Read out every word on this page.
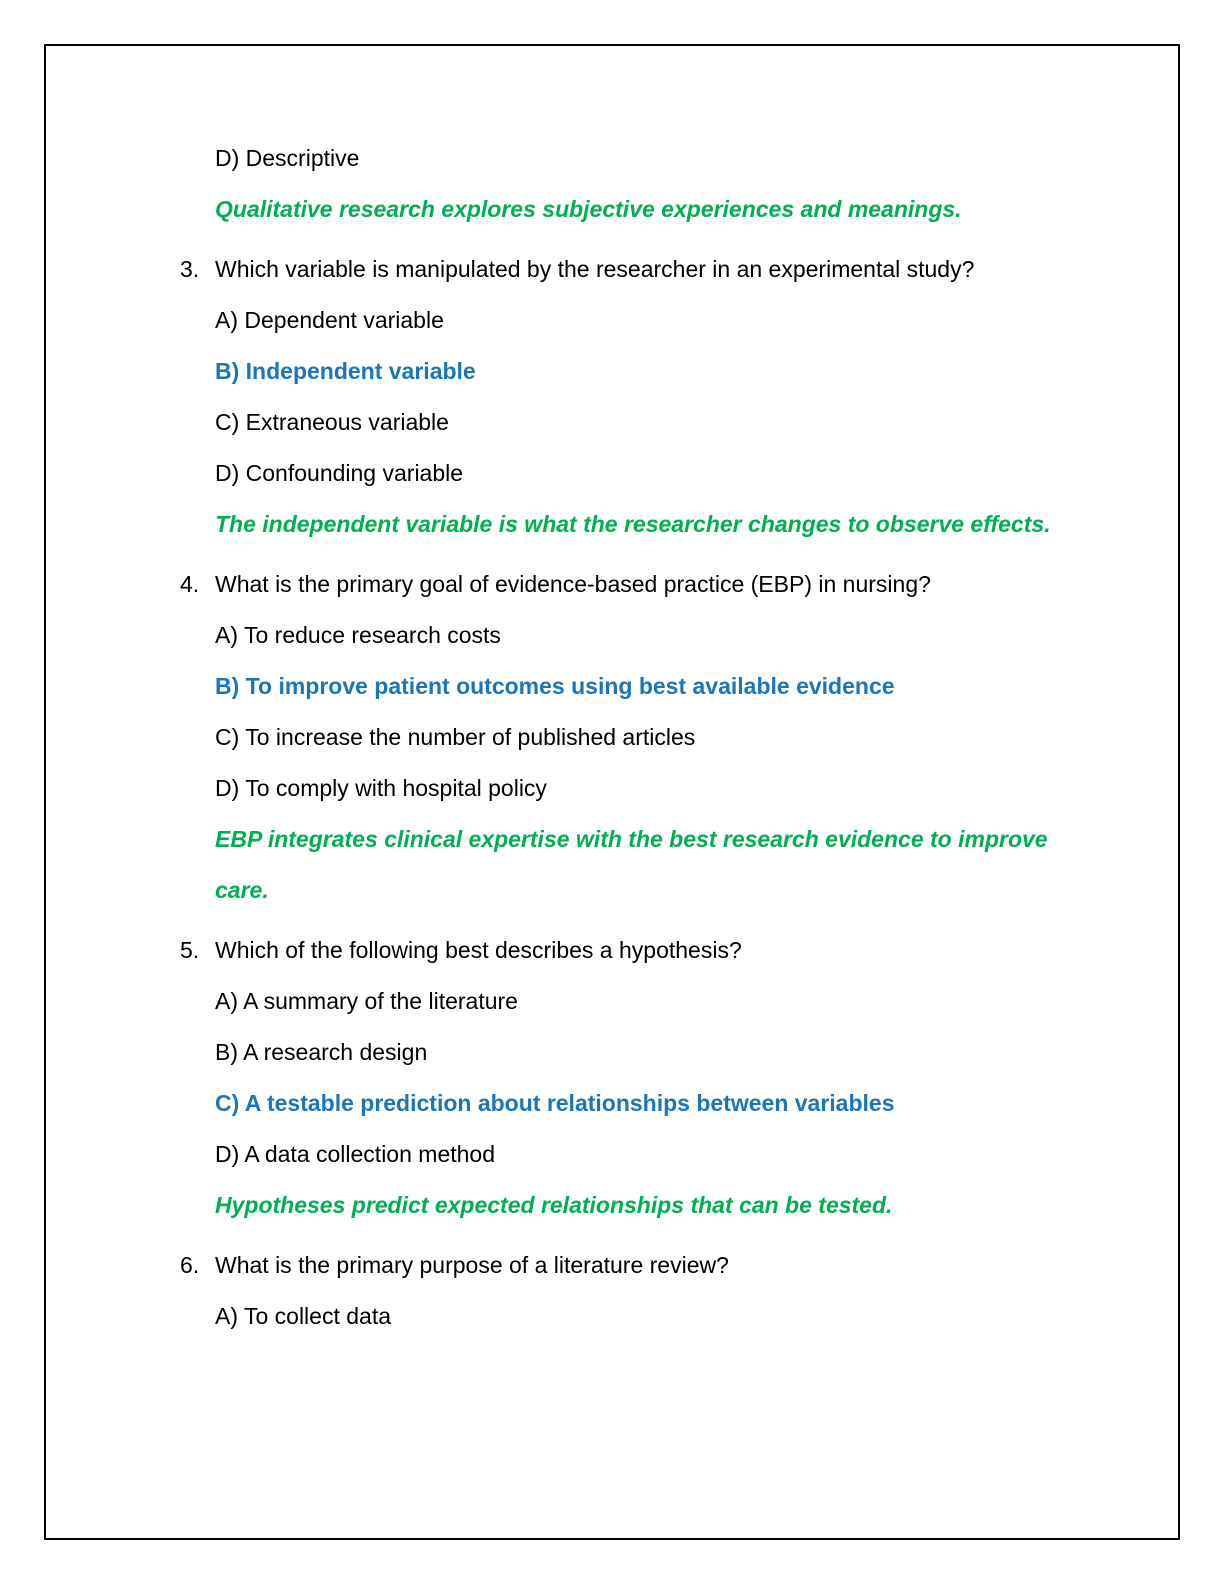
D) Descriptive
Qualitative research explores subjective experiences and meanings.
3. Which variable is manipulated by the researcher in an experimental study?
A) Dependent variable
B) Independent variable
C) Extraneous variable
D) Confounding variable
The independent variable is what the researcher changes to observe effects.
4. What is the primary goal of evidence-based practice (EBP) in nursing?
A) To reduce research costs
B) To improve patient outcomes using best available evidence
C) To increase the number of published articles
D) To comply with hospital policy
EBP integrates clinical expertise with the best research evidence to improve care.
5. Which of the following best describes a hypothesis?
A) A summary of the literature
B) A research design
C) A testable prediction about relationships between variables
D) A data collection method
Hypotheses predict expected relationships that can be tested.
6. What is the primary purpose of a literature review?
A) To collect data
